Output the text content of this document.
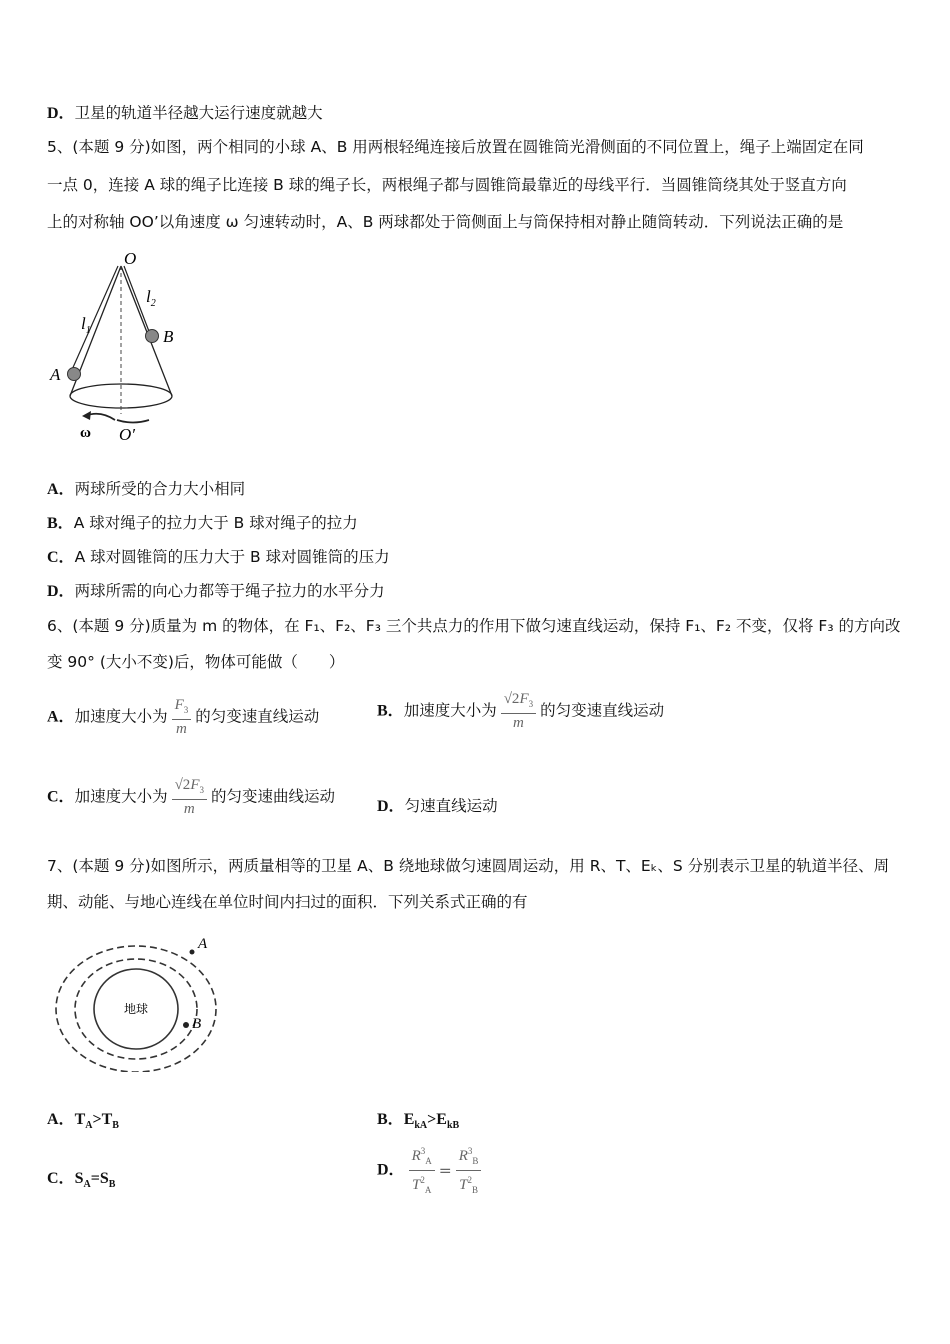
D．卫星的轨道半径越大运行速度就越大
5、(本题 9 分)如图，两个相同的小球 A、B 用两根轻绳连接后放置在圆锥筒光滑侧面的不同位置上，绳子上端固定在同
一点 0，连接 A 球的绳子比连接 B 球的绳子长，两根绳子都与圆锥筒最靠近的母线平行．当圆锥筒绕其处于竖直方向
上的对称轴 OO’以角速度 ω 匀速转动时，A、B 两球都处于筒侧面上与筒保持相对静止随筒转动．下列说法正确的是
O
$l_1$
$l_2$
A
B
ω O′
A．两球所受的合力大小相同
B．A 球对绳子的拉力大于 B 球对绳子的拉力
C．A 球对圆锥筒的压力大于 B 球对圆锥筒的压力
D．两球所需的向心力都等于绳子拉力的水平分力
6、(本题 9 分)质量为 m 的物体，在 F₁、F₂、F₃ 三个共点力的作用下做匀速直线运动，保持 F₁、F₂ 不变，仅将 F₃ 的方向改
变 90° (大小不变)后，物体可能做（　　）
A．加速度大小为 $\frac{F_3}{m}$ 的匀变速直线运动	B．加速度大小为 $\frac{√2F_3}{m}$ 的匀变速直线运动
C．加速度大小为 $\frac{√2F_3}{m}$ 的匀变速曲线运动
D．匀速直线运动
7、(本题 9 分)如图所示，两质量相等的卫星 A、B 绕地球做匀速圆周运动，用 R、T、Eₖ、S 分别表示卫星的轨道半径、周
期、动能、与地心连线在单位时间内扫过的面积．下列关系式正确的有
地球
A
B
A．$T_A>T_B$	B．$E_{kA}>E_{kB}$
C．$S_A=S_B$
D． $\frac{R^3_A}{T^2_A} = \frac{R^3_B}{T^2_B}$
